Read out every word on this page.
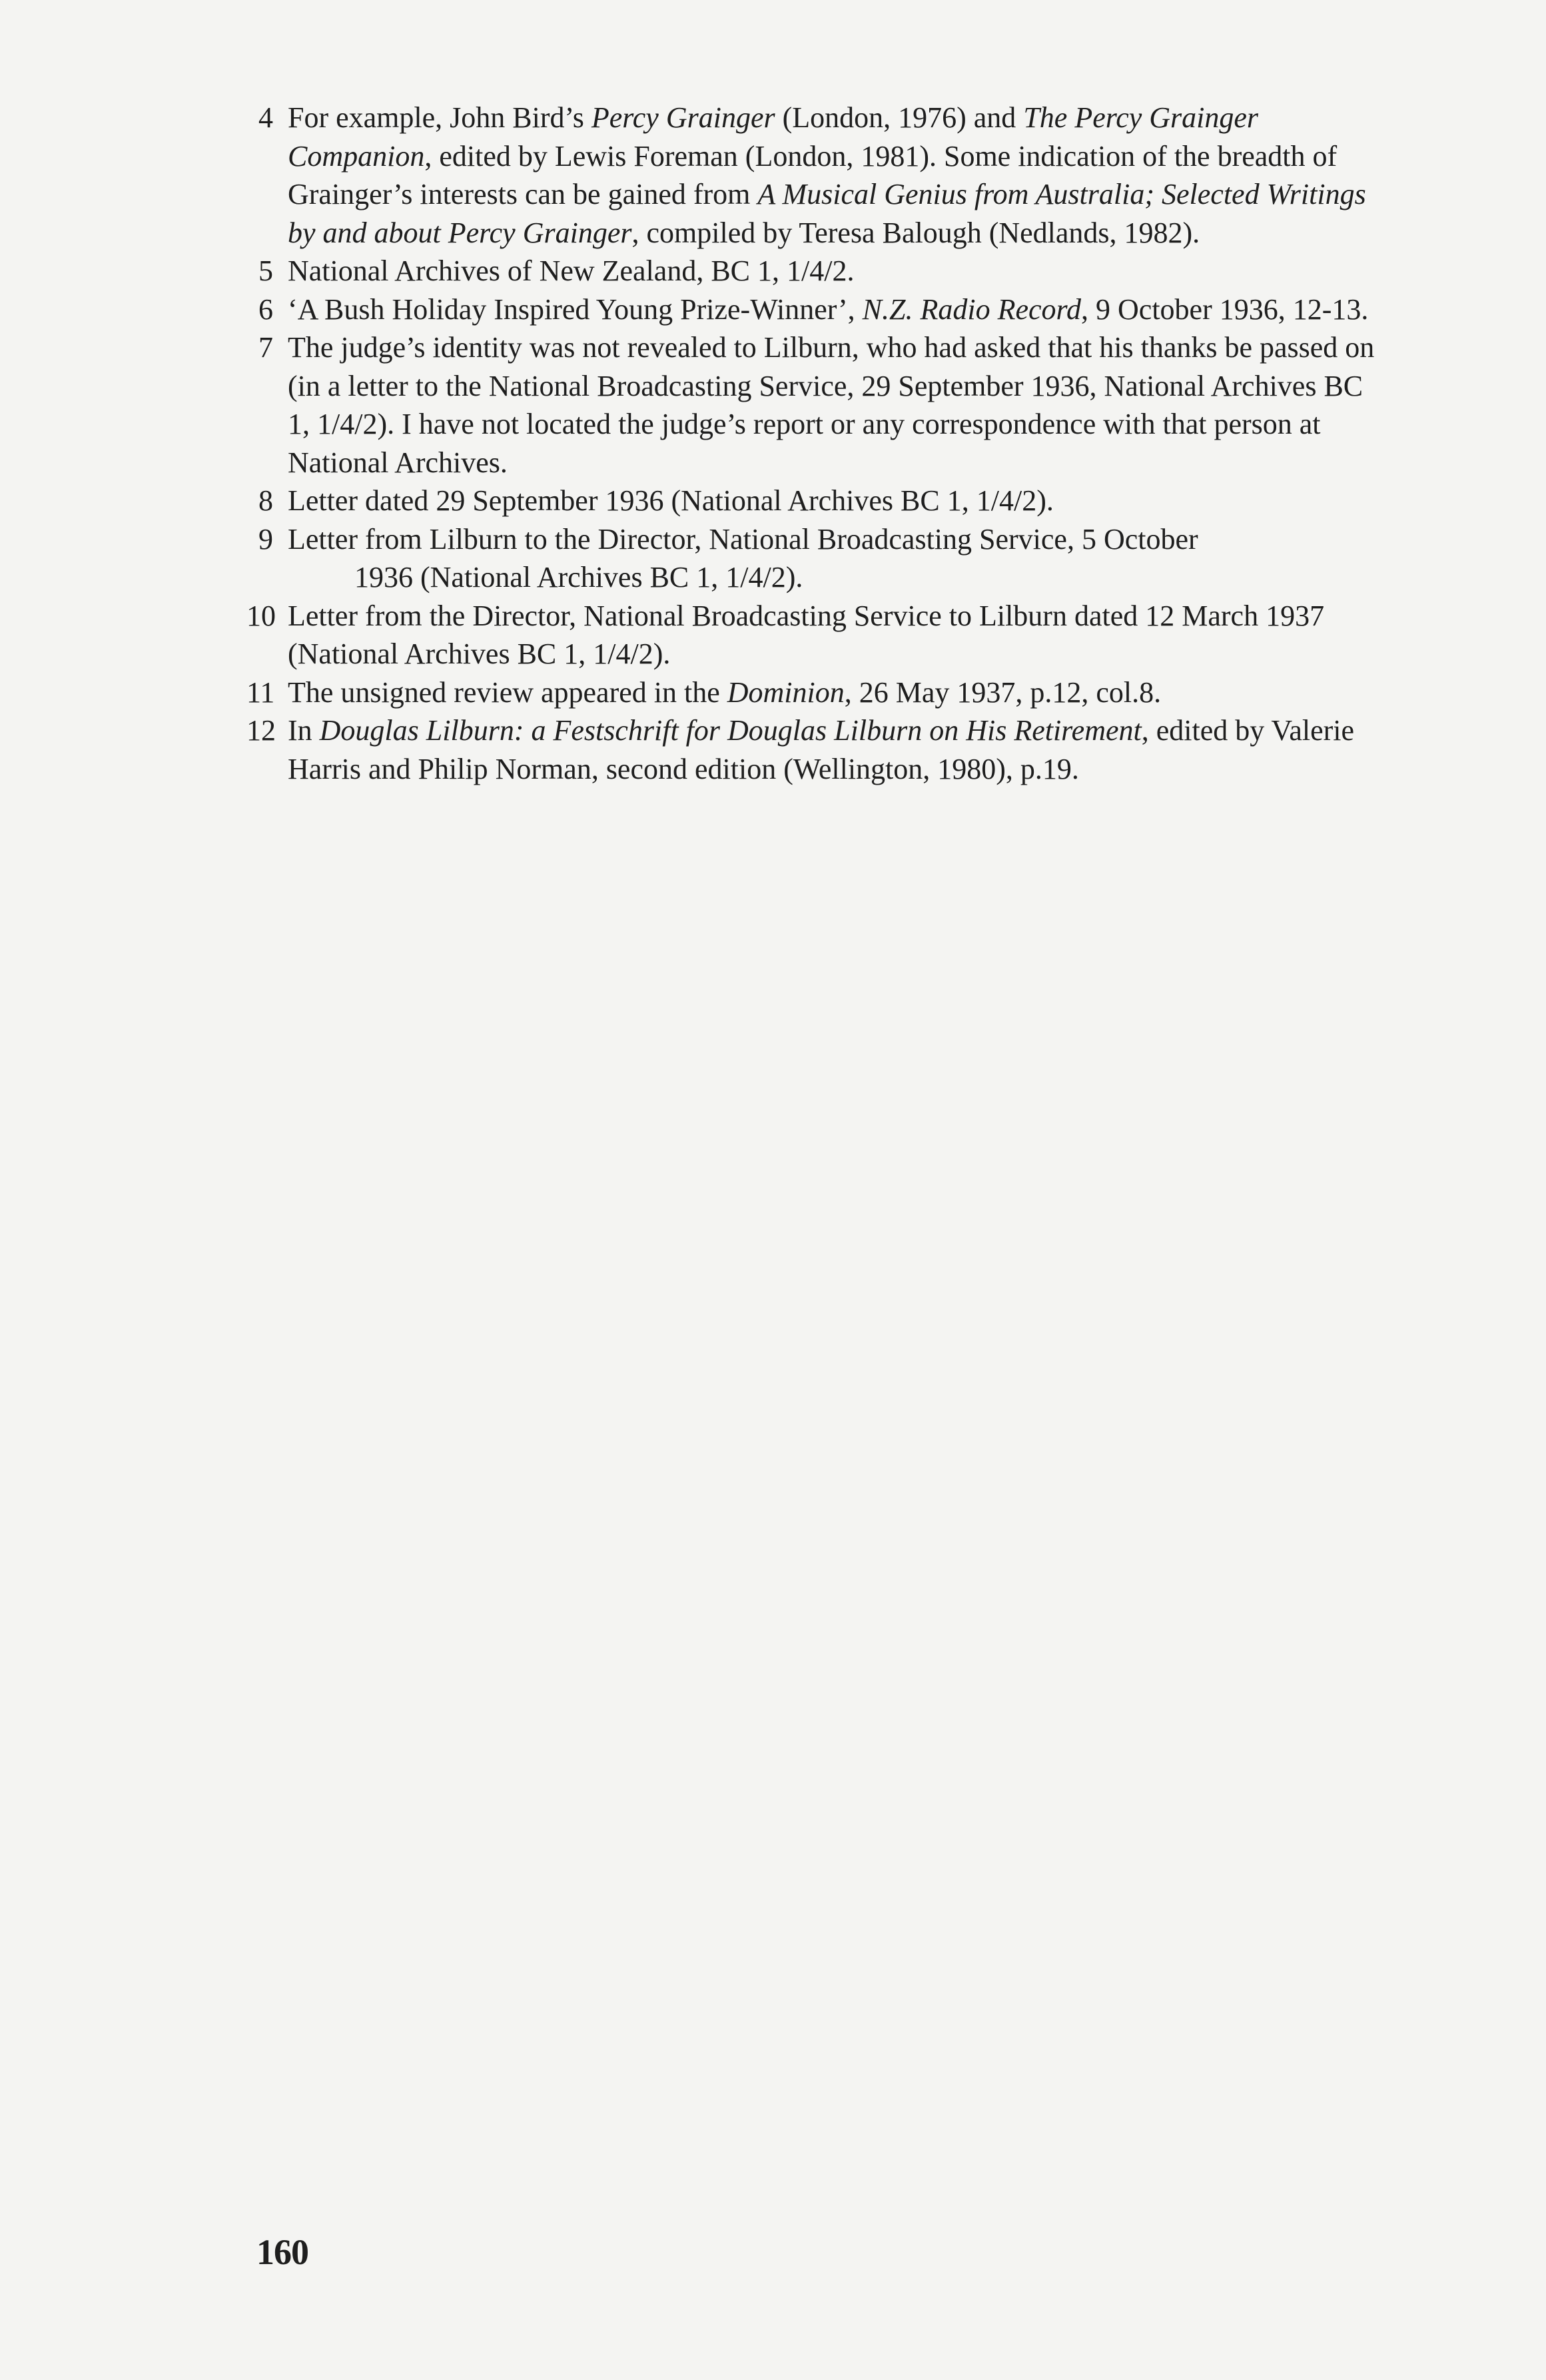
4 For example, John Bird’s Percy Grainger (London, 1976) and The Percy Grainger Companion, edited by Lewis Foreman (London, 1981). Some indication of the breadth of Grainger’s interests can be gained from A Musical Genius from Australia; Selected Writings by and about Percy Grainger, compiled by Teresa Balough (Nedlands, 1982).
5 National Archives of New Zealand, BC 1, 1/4/2.
6 ‘A Bush Holiday Inspired Young Prize-Winner’, N.Z. Radio Record, 9 October 1936, 12-13.
7 The judge’s identity was not revealed to Lilburn, who had asked that his thanks be passed on (in a letter to the National Broadcasting Service, 29 September 1936, National Archives BC 1, 1/4/2). I have not located the judge’s report or any correspondence with that person at National Archives.
8 Letter dated 29 September 1936 (National Archives BC 1, 1/4/2).
9 Letter from Lilburn to the Director, National Broadcasting Service, 5 October
1936 (National Archives BC 1, 1/4/2).
10 Letter from the Director, National Broadcasting Service to Lilburn dated 12 March 1937 (National Archives BC 1, 1/4/2).
11 The unsigned review appeared in the Dominion, 26 May 1937, p.12, col.8.
12 In Douglas Lilburn: a Festschrift for Douglas Lilburn on His Retirement, edited by Valerie Harris and Philip Norman, second edition (Wellington, 1980), p.19.
160
